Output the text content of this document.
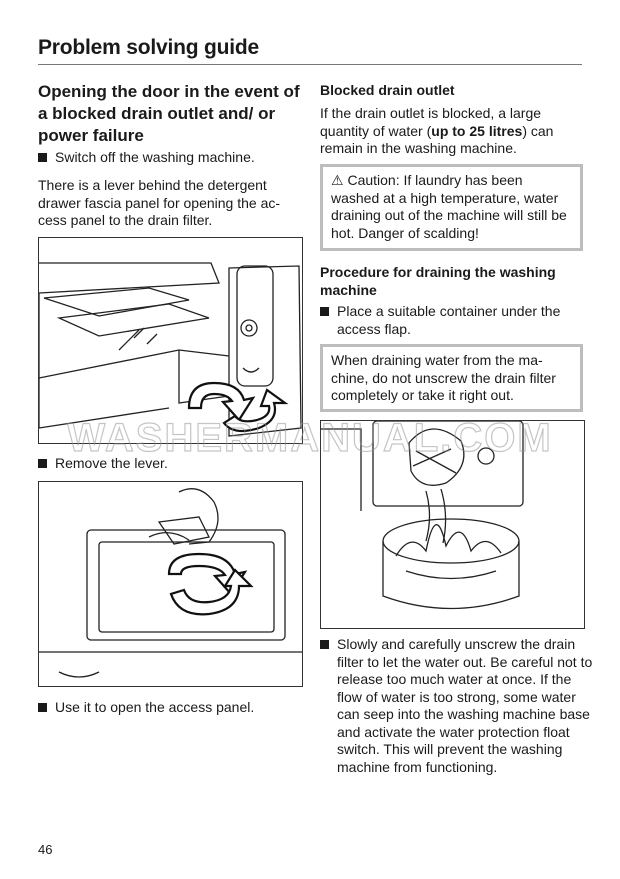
Problem solving guide
Opening the door in the event of a blocked drain outlet and/ or power failure
Switch off the washing machine.
There is a lever behind the detergent drawer fascia panel for opening the ac-cess panel to the drain filter.
Remove the lever.
Use it to open the access panel.
Blocked drain outlet
If the drain outlet is blocked, a large quantity of water (up to 25 litres) can remain in the washing machine.
⚠ Caution: If laundry has been washed at a high temperature, water draining out of the machine will still be hot. Danger of scalding!
Procedure for draining the washing machine
Place a suitable container under the access flap.
When draining water from the ma-chine, do not unscrew the drain filter completely or take it right out.
Slowly and carefully unscrew the drain filter to let the water out. Be careful not to release too much water at once. If the flow of water is too strong, some water can seep into the washing machine base and activate the water protection float switch. This will prevent the washing machine from functioning.
WASHERMANUAL.COM
46
